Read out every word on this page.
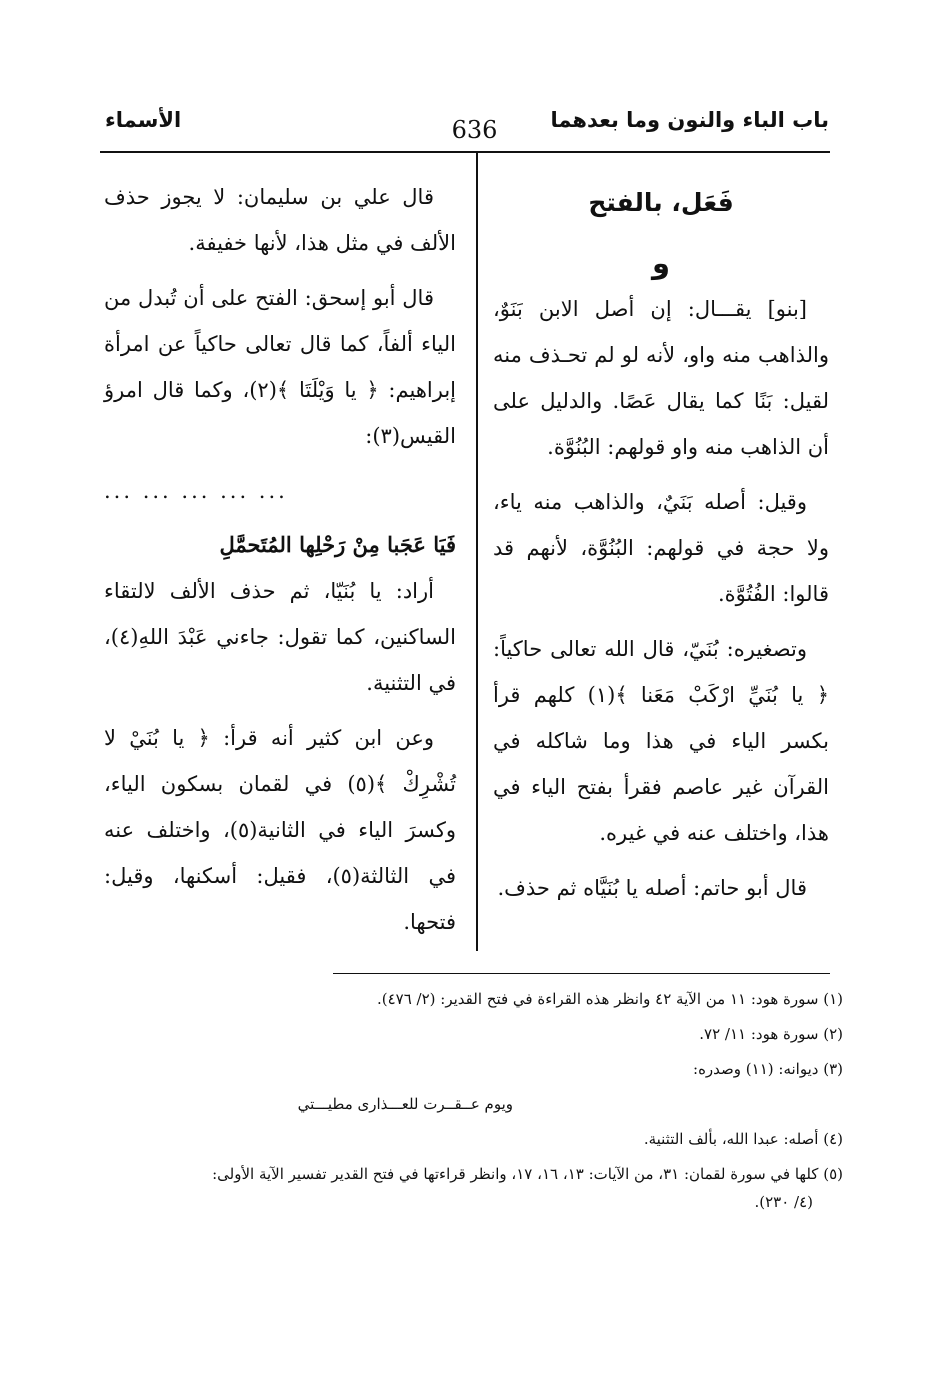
باب الباء والنون وما بعدهما
636
الأسماء
فَعَل، بالفتح
و

[بنو] يقـــال: إن أصل الابن بَنَوٌ، والذاهب منه واو، لأنه لو لم تحـذف منه لقيل: بَنًا كما يقال عَصًا. والدليل على أن الذاهب منه واو قولهم: البُنُوَّة.

وقيل: أصله بَنَيٌ، والذاهب منه ياء، ولا حجة في قولهم: البُنُوَّة، لأنهم قد قالوا: الفُتُوَّة.

وتصغيره: بُنَيّ، قال الله تعالى حاكياً: ﴿ يا بُنَيِّ ارْكَبْ مَعَنا ﴾(١) كلهم قرأ بكسر الياء في هذا وما شاكله في القرآن غير عاصم فقرأ بفتح الياء في هذا، واختلف عنه في غيره.

قال أبو حاتم: أصله يا بُنَيَّاه ثم حذف.

قال علي بن سليمان: لا يجوز حذف الألف في مثل هذا، لأنها خفيفة.

قال أبو إسحق: الفتح على أن تُبدل من الياء ألفاً، كما قال تعالى حاكياً عن امرأة إبراهيم: ﴿ يا وَيْلَتَا ﴾(٢)، وكما قال امرؤ القيس(٣):

... ... ... ... ...
فَيَا عَجَبا مِنْ رَحْلِها المُتَحمَّلِ

أراد: يا بُنَيّا، ثم حذف الألف لالتقاء الساكنين، كما تقول: جاءني عَبْدَ اللهِ(٤)، في التثنية.

وعن ابن كثير أنه قرأ: ﴿ يا بُنَيْ لا تُشْرِكْ ﴾(٥) في لقمان بسكون الياء، وكسرَ الياء في الثانية(٥)، واختلف عنه في الثالثة(٥)، فقيل: أسكنها، وقيل: فتحها.

(١) سورة هود: ١١ من الآية ٤٢ وانظر هذه القراءة في فتح القدير: (٢/ ٤٧٦).
(٢) سورة هود: ١١/ ٧٢.
(٣) ديوانه: (١١) وصدره:
ويوم عــقــرت للعـــذارى مطيـــتي
(٤) أصله: عبدا الله، بألف التثنية.
(٥) كلها في سورة لقمان: ٣١، من الآيات: ١٣، ١٦، ١٧، وانظر قراءتها في فتح القدير تفسير الآية الأولى:
(٤/ ٢٣٠).
